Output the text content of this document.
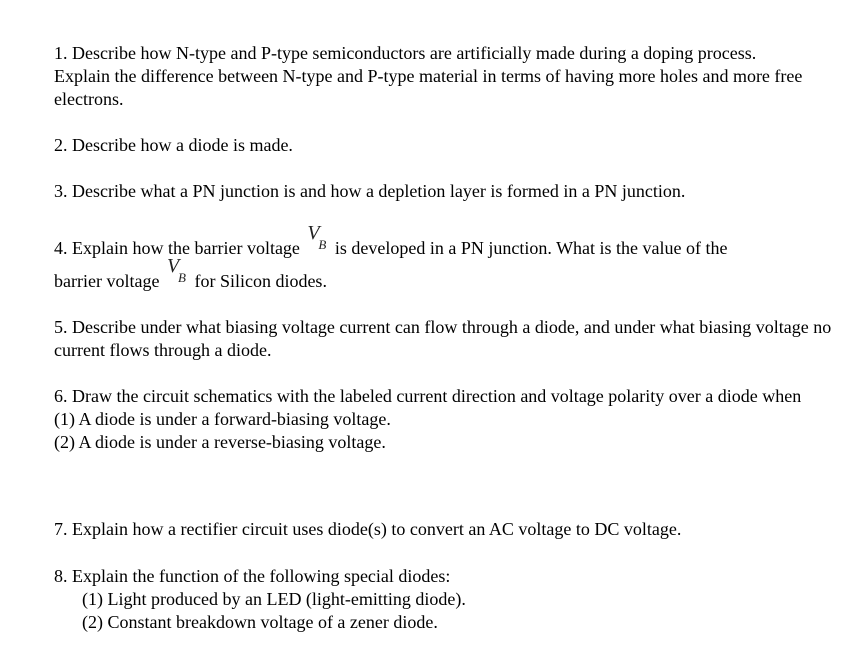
1. Describe how N-type and P-type semiconductors are artificially made during a doping process. Explain the difference between N-type and P-type material in terms of having more holes and more free electrons.

2. Describe how a diode is made.

3. Describe what a PN junction is and how a depletion layer is formed in a PN junction.

4. Explain how the barrier voltage
V
B is developed in a PN junction. What is the value of the

barrier voltage
V
B for Silicon diodes.

5. Describe under what biasing voltage current can flow through a diode, and under what biasing voltage no current flows through a diode.

6. Draw the circuit schematics with the labeled current direction and voltage polarity over a diode when
(1) A diode is under a forward-biasing voltage.
(2) A diode is under a reverse-biasing voltage.

7. Explain how a rectifier circuit uses diode(s) to convert an AC voltage to DC voltage.

8. Explain the function of the following special diodes:
(1) Light produced by an LED (light-emitting diode).
(2) Constant breakdown voltage of a zener diode.
